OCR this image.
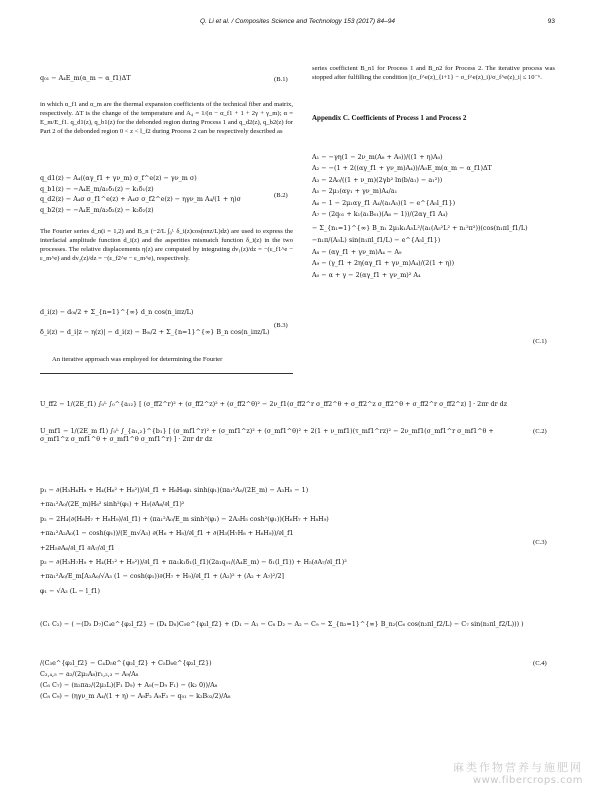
Q. Li et al. / Composites Science and Technology 153 (2017) 84–94	93
q₀₁ − A₄E_m(α_m − α_f1)ΔT	(B.1)
in which α_f1 and α_m are the thermal expansion coefficients of the technical fiber and matrix, respectively. ΔT is the change of the temperature and A₄ = 1/(α − α_f1 + 1 + 2γ + γ_m); α = E_m/E_f1. q_d1(z), q_b1(z) for the debonded region during Process 1 and q_d2(z), q_b2(z) for Part 2 of the debonded region 0 < z < l_f2 during Process 2 can be respectively described as
q_d1(z) − A₄((αγ_f1 + γν_m) σ_f^e(z) − γν_m σ)
q_b1(z) − −A₄E_m/a₁δ₁(z) − k₁δ₁(z)
q_d2(z) − A₄σ σ_f1^e(z) + A₄σ σ_f2^e(z) − ηγν_m A₄/(1 + η)σ
q_b2(z) − −A₄E_m/a₂δ₂(z) − k₂δ₂(z)
(B.2)
The Fourier series d_n(i = 1,2) and B_n (−2/L ∫₀ᴸ δ_i(z)cos(nπz/L)dz) are used to express the interfacial amplitude function d_i(z) and the asperities mismatch function δ_i(z) in the two processes. The relative displacements η(z) are computed by integrating dv₁(z)/dz = −(ε_f1^e − ε_m^e) and dv₂(z)/dz = −(ε_f2^e − ε_m^e), respectively.
d_i(z) − d₀ᵢ/2 + Σ_{n=1}^{∞} d_n cos(n_iπz/L)
δ_i(z) − d_i|z − η(z)| − d_i(z) − B₀ᵢ/2 + Σ_{n=1}^{∞} B_n cos(n_iπz/L)
(B.3)
An iterative approach was employed for determining the Fourier
series coefficient B_n1 for Process 1 and B_n2 for Process 2. The iterative process was stopped after fulfilling the condition |(σ_f^e(z)_{i+1} − σ_f^e(z)_i)/σ_f^e(z)_i| ≤ 10⁻⁶.
Appendix C. Coefficients of Process 1 and Process 2
A₁ − −γη(1 − 2ν_m(A₈ + A₉))/((1 + η)A₀)
A₂ − −(1 + 2((αγ_f1 + γν_m)A₄))/A₀E_m(α_m − α_f1)ΔT
A₃ − 2A₀/((1 + ν_m)(2γb² ln(b/a₁) − a₁²))
A₅ − 2μ₁(αγ₁ + γν_m)A₄/a₁
A₆ − 1 − 2μ₁αγ_f1 A₄/(a₁A₅)(1 − e^{A₅l_f1})
A₇ − (2q₀₁ + k₁(a₁B₀₁)(A₆ − 1))/(2αγ_f1 A₄)
− Σ_{n₁=1}^{∞} B_n₁ 2μ₁k₁A₅L²/(a₁(A₅²L² + n₁²π²))(cos(n₁πl_f1/L)
−n₁π/(A₅L) sin(n₁πl_f1/L) − e^{A₅l_f1})
A₈ − (αγ_f1 + γν_m)A₄ − A₉
A₉ − (γ_f1 + 2η(αγ_f1 + γν_m)A₄)/(2(1 + η))
A₀ − α + γ − 2(αγ_f1 + γν_m)² A₄
(C.1)
U_ff2 − 1/(2E_f1) ∫₀ᴸ ∫₀^{a₁₂} [ (σ_ff2^r)² + (σ_ff2^z)² + (σ_ff2^θ)² − 2ν_f1(σ_ff2^r σ_ff2^θ + σ_ff2^z σ_ff2^θ + σ_ff2^r σ_ff2^z) ] · 2πr dr dz
U_mf1 − 1/(2E_m f1) ∫₀ᴸ ∫_{a₁,₂}^{b₁} [ (σ_mf1^r)² + (σ_mf1^z)² + (σ_mf1^θ)² + 2(1 + ν_mf1)(τ_mf1^rz)² − 2ν_mf1(σ_mf1^r σ_mf1^θ + σ_mf1^z σ_mf1^θ + σ_mf1^θ σ_mf1^r) ] · 2πr dr dz
(C.2)
p₁ − ∂(H₃H₆H₈ + H₄(H₆² + H₈²))/∂l_f1 + H₆H₈φ₁ sinh(φ₁)(πa₁²A₀/(2E_m) − A₃H₅ − 1)
+πa₁²A₀/(2E_m)H₆² sinh²(φ₁) + H₅(∂A₆/∂l_f1)²
p₂ − 2H₄(∂(H₆H₇ + H₈H₉)/∂l_f1) + (πa₁²A₀/E_m sinh²(φ₁) − 2A₃H₅ cosh²(φ₁))(H₆H₇ + H₈H₉)
+πa₁²A₂A₀(1 − cosh(φ₁))/(E_m√A₃) ∂(H₆ + H₈)/∂l_f1 + ∂(H₃(H₇H₈ + H₆H₉))/∂l_f1
+2H₅∂A₆/∂l_f1 ∂A₇/∂l_f1
p₃ − ∂(H₃H₇H₉ + H₄(H₇² + H₉²))/∂l_f1 + πa₁k₁δ₁(l_f1)(2a₁q₀₁/(A₄E_m) − δ₁(l_f1)) + H₅(∂A₇/∂l_f1)²
+πa₁²A₀/E_m[A₂A₀/√A₃ (1 − cosh(φ₁))∂(H₇ + H₉)/∂l_f1 + (A₂)² + (A₂ + A₇)²/2]
φ₁ − √A₃ (L − l_f1)
(C.3)
(C₁ C₂) − ( −(D₃ D₇)C₄e^{φ₂l_f2} − (D₄ D₈)C₅e^{φ₂l_f2} + (D₁ − A₁ − C₈ D₂ − A₂ − C₉ − Σ_{n₂=1}^{∞} B_n₂(C₆ cos(n₂πl_f2/L) − C₇ sin(n₂πl_f2/L))) )
/(C₃e^{φ₂l_f2} − C₄D₅e^{φ₂l_f2} + C₅D₆e^{φ₂l_f2})
C₃,₄,₅ − a₂/(2μ₂A₈)r₁,₂,₃ − A₉/A₈
(C₆ C₇) − (n₂πa₂/(2μ₂L)(F₁ D₉) + A₉(−D₉ F₁) − (k₂ 0))/A₈
(C₈ C₉) − (ηγν_m A₄/(1 + η) − A₉F₂ A₉F₃ − q₀₁ − k₂B₀₂/2)/A₈
(C.4)
麻类作物营养与施肥网
www.fibercrops.com
